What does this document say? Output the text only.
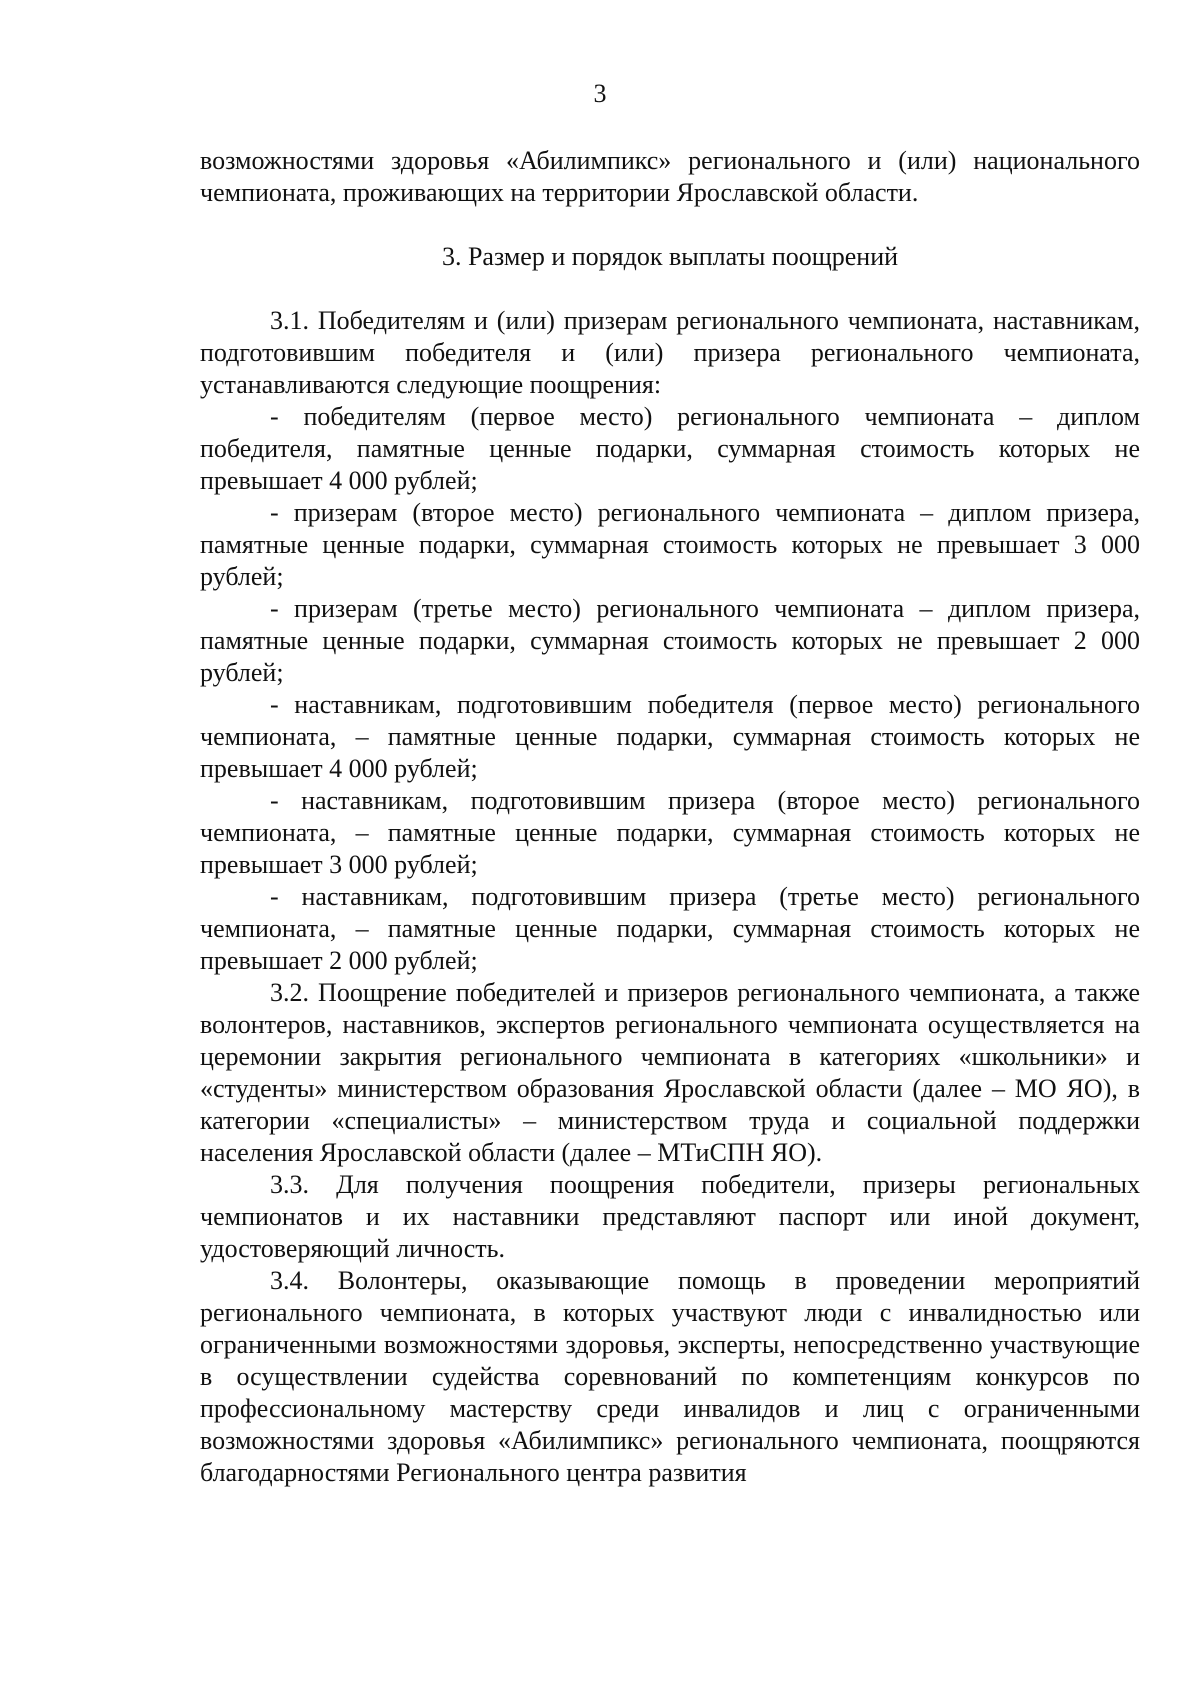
3

возможностями здоровья «Абилимпикс» регионального и (или) национального чемпионата, проживающих на территории Ярославской области.

3. Размер и порядок выплаты поощрений

3.1. Победителям и (или) призерам регионального чемпионата, наставникам, подготовившим победителя и (или) призера регионального чемпионата, устанавливаются следующие поощрения:

- победителям (первое место) регионального чемпионата – диплом победителя, памятные ценные подарки, суммарная стоимость которых не превышает 4 000 рублей;

- призерам (второе место) регионального чемпионата – диплом призера, памятные ценные подарки, суммарная стоимость которых не превышает 3 000 рублей;

- призерам (третье место) регионального чемпионата – диплом призера, памятные ценные подарки, суммарная стоимость которых не превышает 2 000 рублей;

- наставникам, подготовившим победителя (первое место) регионального чемпионата, – памятные ценные подарки, суммарная стоимость которых не превышает 4 000 рублей;

- наставникам, подготовившим призера (второе место) регионального чемпионата, – памятные ценные подарки, суммарная стоимость которых не превышает 3 000 рублей;

- наставникам, подготовившим призера (третье место) регионального чемпионата, – памятные ценные подарки, суммарная стоимость которых не превышает 2 000 рублей;

3.2. Поощрение победителей и призеров регионального чемпионата, а также волонтеров, наставников, экспертов регионального чемпионата осуществляется на церемонии закрытия регионального чемпионата в категориях «школьники» и «студенты» министерством образования Ярославской области (далее – МО ЯО), в категории «специалисты» – министерством труда и социальной поддержки населения Ярославской области (далее – МТиСПН ЯО).

3.3. Для получения поощрения победители, призеры региональных чемпионатов и их наставники представляют паспорт или иной документ, удостоверяющий личность.

3.4. Волонтеры, оказывающие помощь в проведении мероприятий регионального чемпионата, в которых участвуют люди с инвалидностью или ограниченными возможностями здоровья, эксперты, непосредственно участвующие в осуществлении судейства соревнований по компетенциям конкурсов по профессиональному мастерству среди инвалидов и лиц с ограниченными возможностями здоровья «Абилимпикс» регионального чемпионата, поощряются благодарностями Регионального центра развития
